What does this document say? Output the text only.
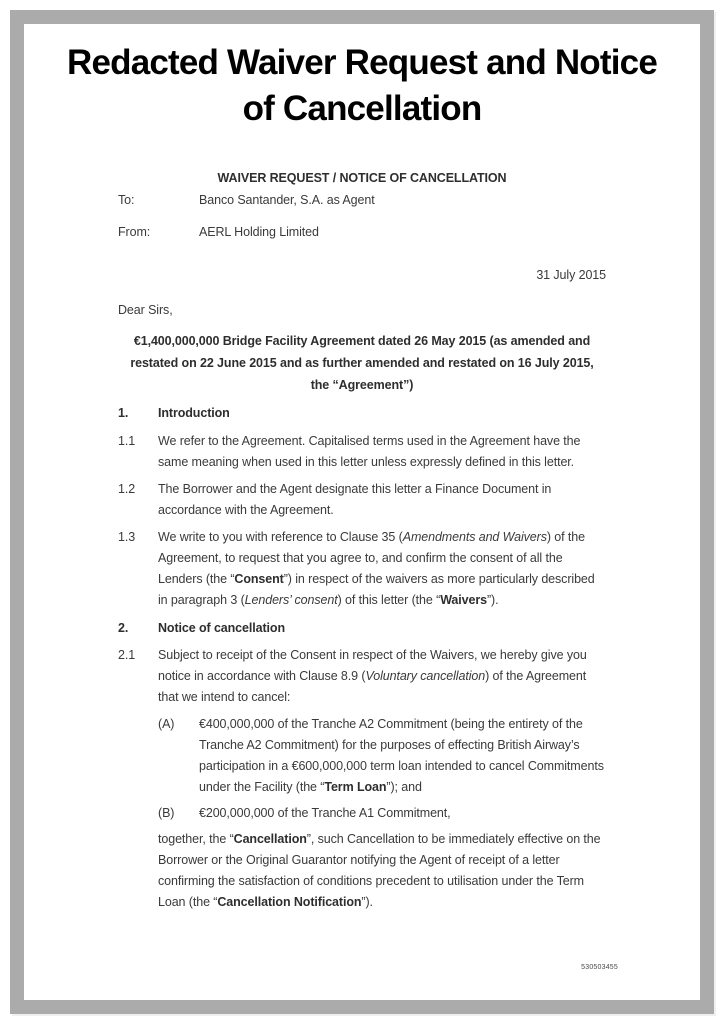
Redacted Waiver Request and Notice
of Cancellation
WAIVER REQUEST / NOTICE OF CANCELLATION
To:	Banco Santander, S.A. as Agent
From:	AERL Holding Limited
31 July 2015
Dear Sirs,
€1,400,000,000 Bridge Facility Agreement dated 26 May 2015 (as amended and restated on 22 June 2015 and as further amended and restated on 16 July 2015, the “Agreement”)
1.	Introduction
1.1	We refer to the Agreement. Capitalised terms used in the Agreement have the same meaning when used in this letter unless expressly defined in this letter.
1.2	The Borrower and the Agent designate this letter a Finance Document in accordance with the Agreement.
1.3	We write to you with reference to Clause 35 (Amendments and Waivers) of the Agreement, to request that you agree to, and confirm the consent of all the Lenders (the “Consent”) in respect of the waivers as more particularly described in paragraph 3 (Lenders’ consent) of this letter (the “Waivers”).
2.	Notice of cancellation
2.1	Subject to receipt of the Consent in respect of the Waivers, we hereby give you notice in accordance with Clause 8.9 (Voluntary cancellation) of the Agreement that we intend to cancel:
(A)	€400,000,000 of the Tranche A2 Commitment (being the entirety of the Tranche A2 Commitment) for the purposes of effecting British Airway’s participation in a €600,000,000 term loan intended to cancel Commitments under the Facility (the “Term Loan”); and
(B)	€200,000,000 of the Tranche A1 Commitment,
together, the “Cancellation”, such Cancellation to be immediately effective on the Borrower or the Original Guarantor notifying the Agent of receipt of a letter confirming the satisfaction of conditions precedent to utilisation under the Term Loan (the “Cancellation Notification”).
530503455
